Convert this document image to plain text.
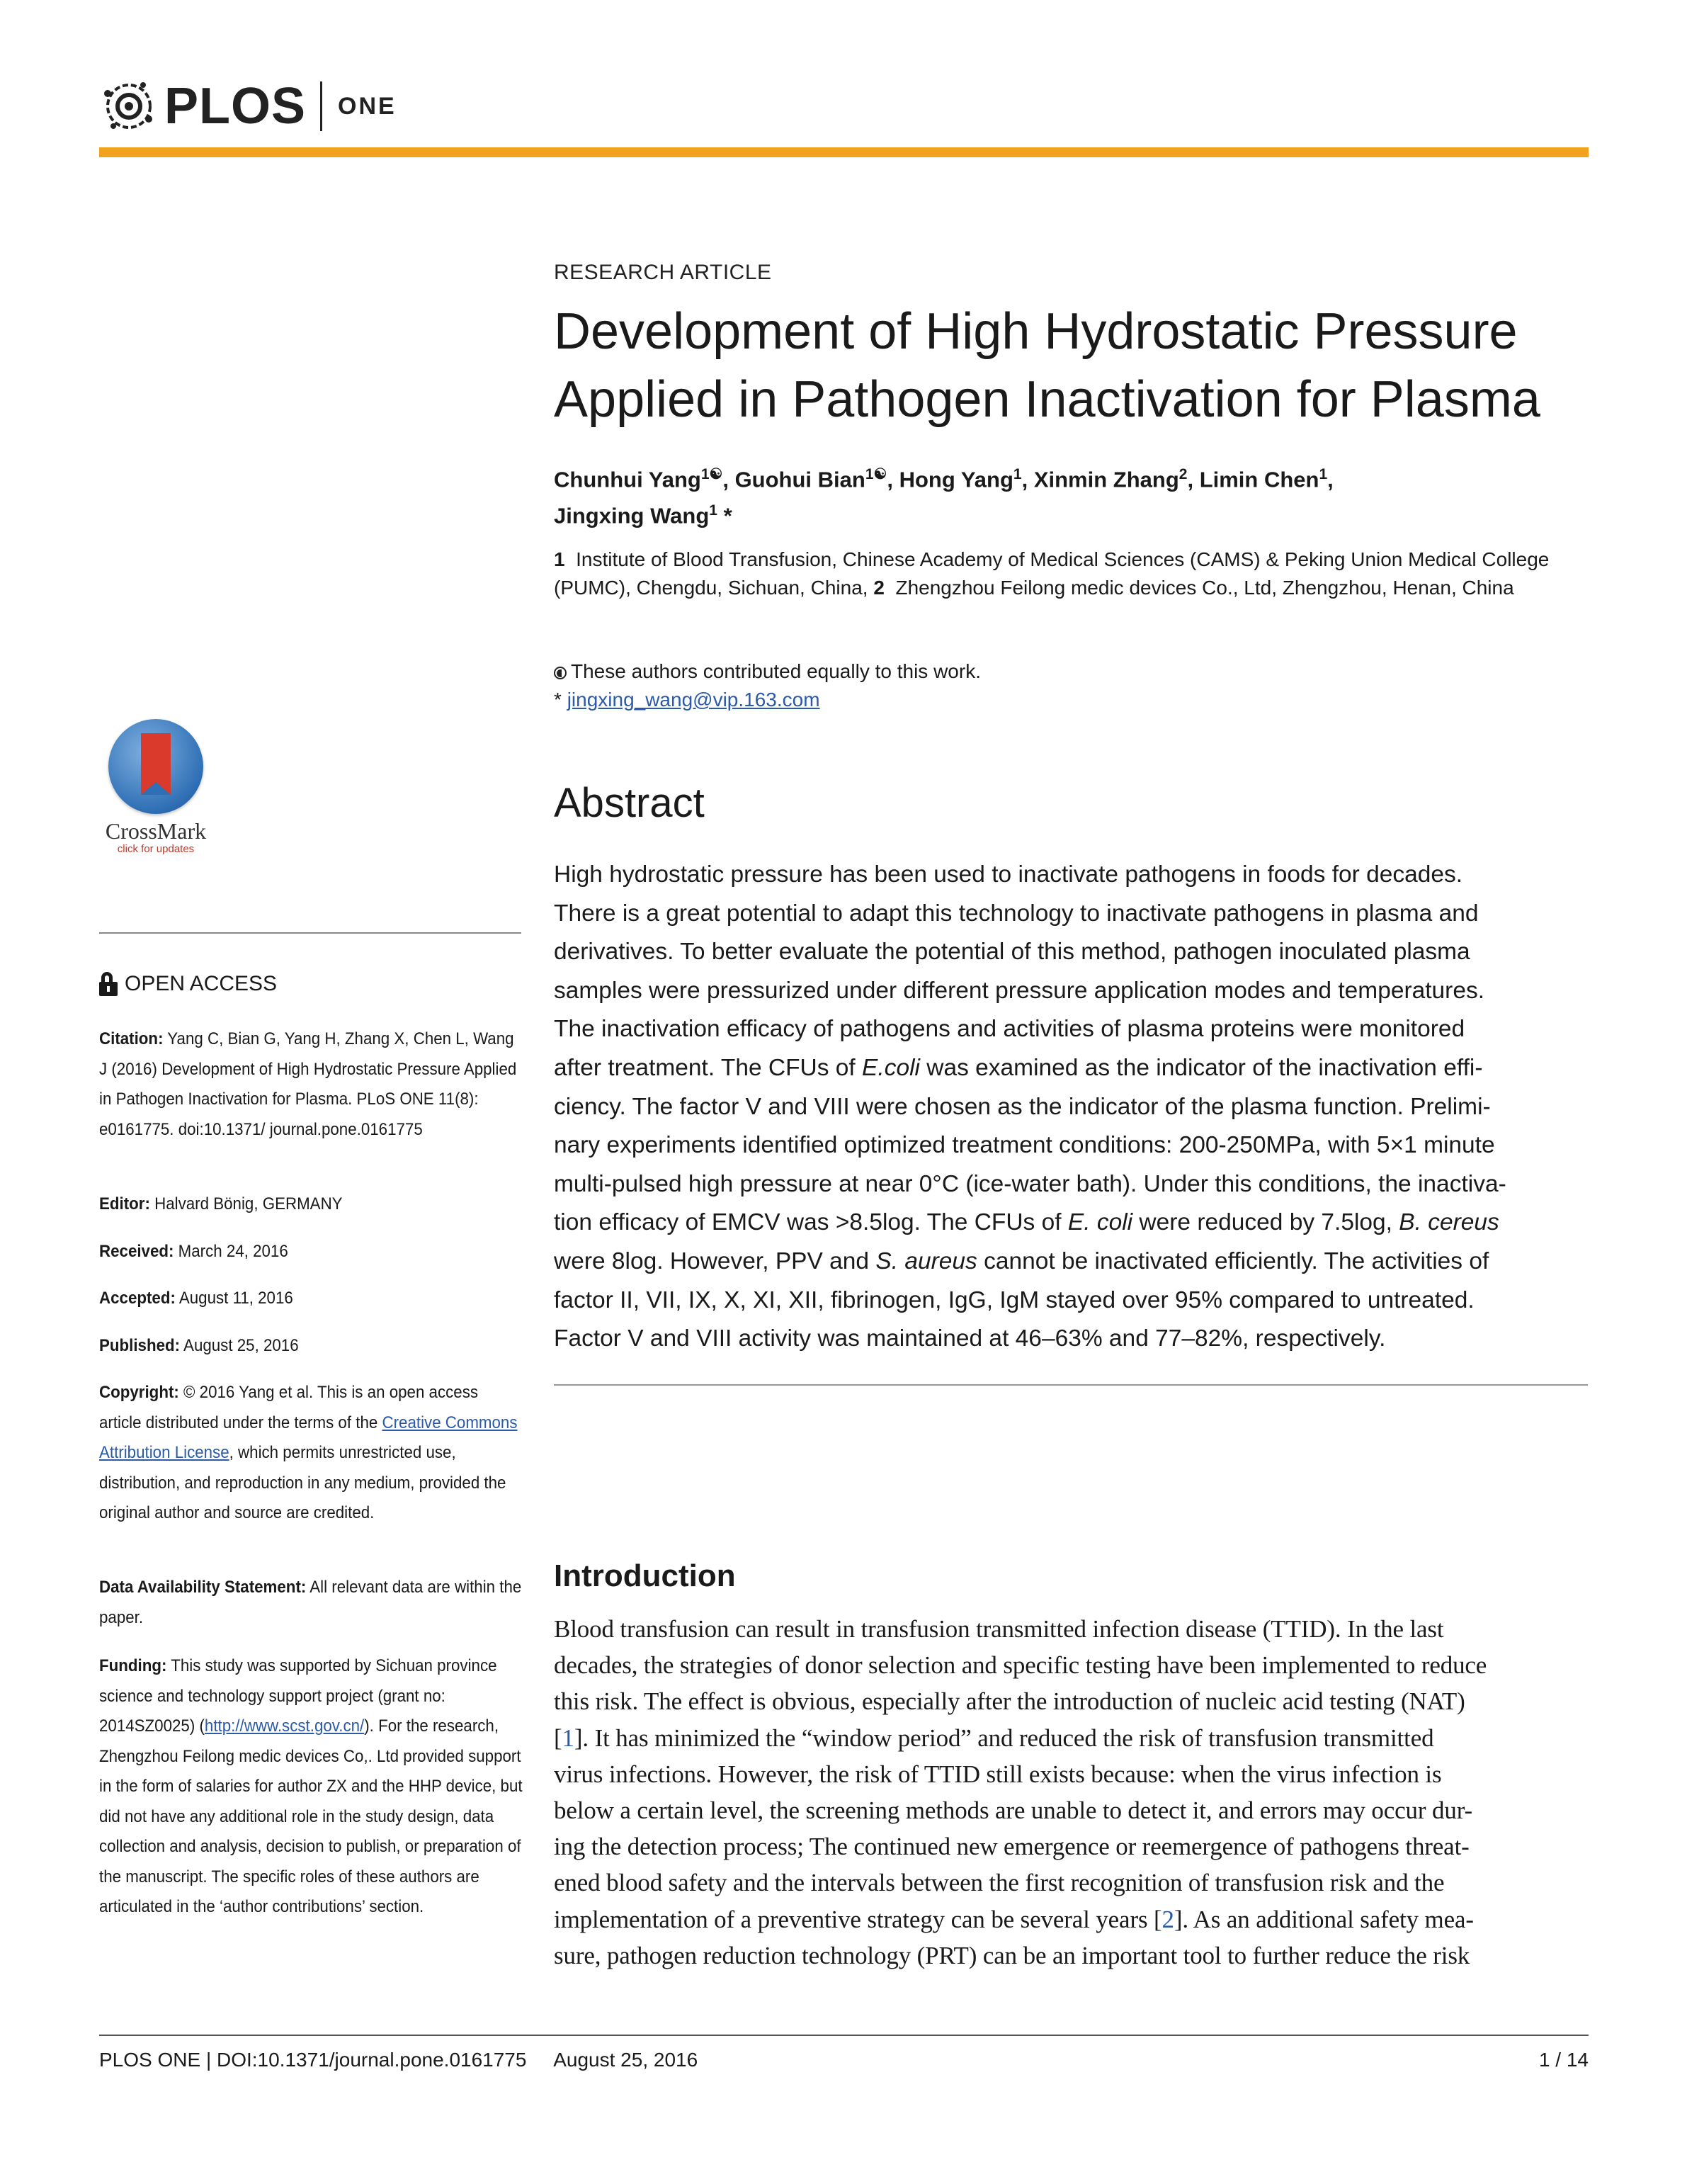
PLOS ONE
RESEARCH ARTICLE
Development of High Hydrostatic Pressure
Applied in Pathogen Inactivation for Plasma
Chunhui Yang$^{1☯}$, Guohui Bian$^{1☯}$, Hong Yang$^1$, Xinmin Zhang$^2$, Limin Chen$^1$,
Jingxing Wang$^1$ *
1 Institute of Blood Transfusion, Chinese Academy of Medical Sciences (CAMS) & Peking Union Medical College (PUMC), Chengdu, Sichuan, China, 2 Zhengzhou Feilong medic devices Co., Ltd, Zhengzhou, Henan, China
These authors contributed equally to this work.
* jingxing_wang@vip.163.com
Abstract
High hydrostatic pressure has been used to inactivate pathogens in foods for decades.
There is a great potential to adapt this technology to inactivate pathogens in plasma and
derivatives. To better evaluate the potential of this method, pathogen inoculated plasma
samples were pressurized under different pressure application modes and temperatures.
The inactivation efficacy of pathogens and activities of plasma proteins were monitored
after treatment. The CFUs of E.coli was examined as the indicator of the inactivation effi-
ciency. The factor V and VIII were chosen as the indicator of the plasma function. Prelimi-
nary experiments identified optimized treatment conditions: 200-250MPa, with 5×1 minute
multi-pulsed high pressure at near 0°C (ice-water bath). Under this conditions, the inactiva-
tion efficacy of EMCV was >8.5log. The CFUs of E. coli were reduced by 7.5log, B. cereus
were 8log. However, PPV and S. aureus cannot be inactivated efficiently. The activities of
factor II, VII, IX, X, XI, XII, fibrinogen, IgG, IgM stayed over 95% compared to untreated.
Factor V and VIII activity was maintained at 46–63% and 77–82%, respectively.
Introduction
Blood transfusion can result in transfusion transmitted infection disease (TTID). In the last
decades, the strategies of donor selection and specific testing have been implemented to reduce
this risk. The effect is obvious, especially after the introduction of nucleic acid testing (NAT)
[1]. It has minimized the “window period” and reduced the risk of transfusion transmitted
virus infections. However, the risk of TTID still exists because: when the virus infection is
below a certain level, the screening methods are unable to detect it, and errors may occur dur-
ing the detection process; The continued new emergence or reemergence of pathogens threat-
ened blood safety and the intervals between the first recognition of transfusion risk and the
implementation of a preventive strategy can be several years [2]. As an additional safety mea-
sure, pathogen reduction technology (PRT) can be an important tool to further reduce the risk
CrossMark
click for updates
OPEN ACCESS
Citation: Yang C, Bian G, Yang H, Zhang X, Chen L, Wang J (2016) Development of High Hydrostatic Pressure Applied in Pathogen Inactivation for Plasma. PLoS ONE 11(8): e0161775. doi:10.1371/ journal.pone.0161775
Editor: Halvard Bönig, GERMANY
Received: March 24, 2016
Accepted: August 11, 2016
Published: August 25, 2016
Copyright: © 2016 Yang et al. This is an open access article distributed under the terms of the Creative Commons Attribution License, which permits unrestricted use, distribution, and reproduction in any medium, provided the original author and source are credited.
Data Availability Statement: All relevant data are within the paper.
Funding: This study was supported by Sichuan province science and technology support project (grant no: 2014SZ0025) (http://www.scst.gov.cn/). For the research, Zhengzhou Feilong medic devices Co,. Ltd provided support in the form of salaries for author ZX and the HHP device, but did not have any additional role in the study design, data collection and analysis, decision to publish, or preparation of the manuscript. The specific roles of these authors are articulated in the ‘author contributions’ section.
PLOS ONE | DOI:10.1371/journal.pone.0161775 August 25, 2016	1 / 14
